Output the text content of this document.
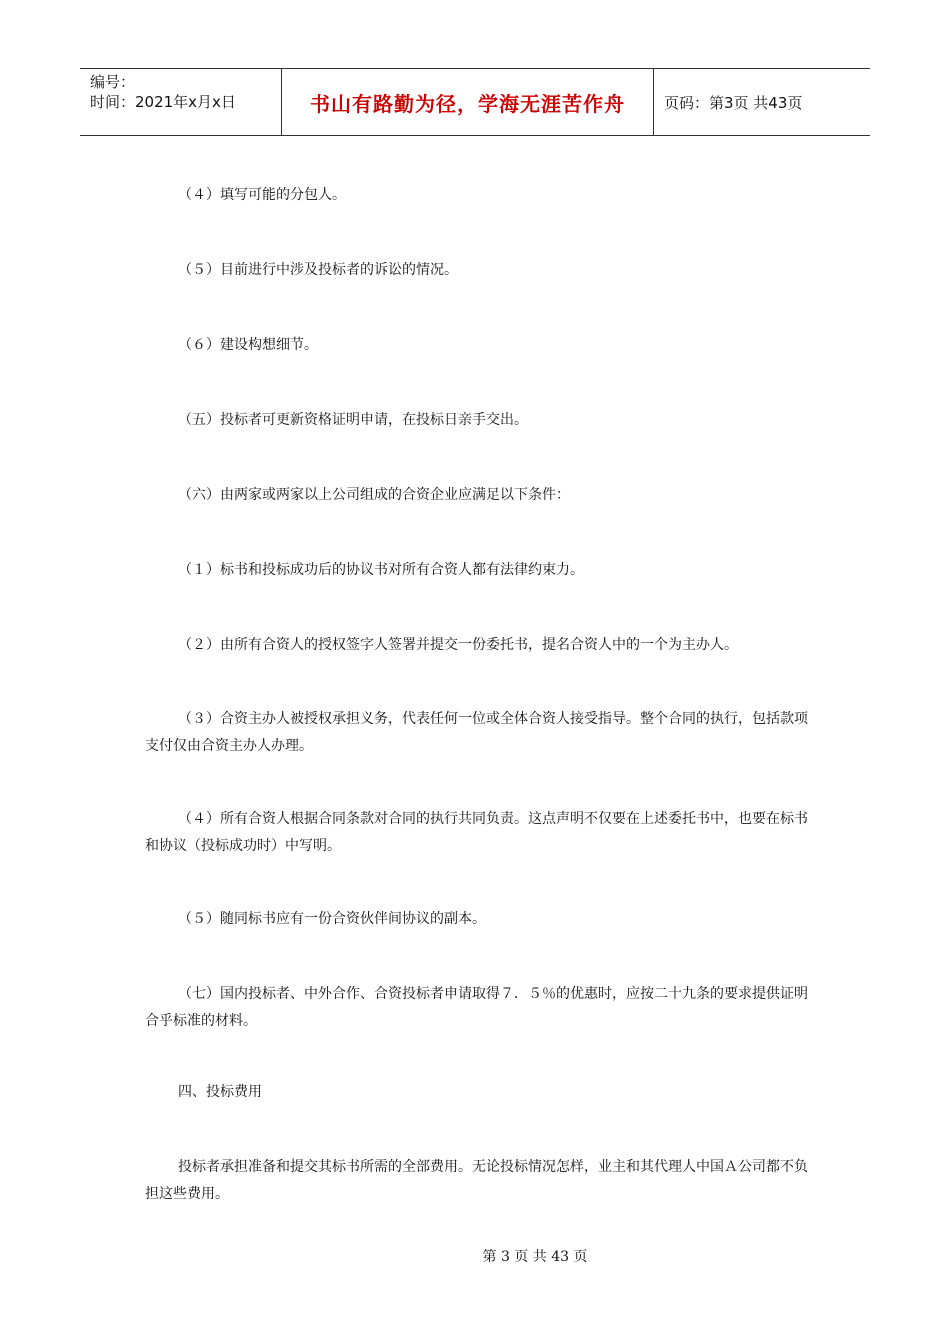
编号：
时间：2021年x月x日	书山有路勤为径，学海无涯苦作舟	页码：第3页 共43页

（４）填写可能的分包人。

（５）目前进行中涉及投标者的诉讼的情况。

（６）建设构想细节。

（五）投标者可更新资格证明申请，在投标日亲手交出。

（六）由两家或两家以上公司组成的合资企业应满足以下条件：

（１）标书和投标成功后的协议书对所有合资人都有法律约束力。

（２）由所有合资人的授权签字人签署并提交一份委托书，提名合资人中的一个为主办人。

（３）合资主办人被授权承担义务，代表任何一位或全体合资人接受指导。整个合同的执行，包括款项支付仅由合资主办人办理。

（４）所有合资人根据合同条款对合同的执行共同负责。这点声明不仅要在上述委托书中，也要在标书和协议（投标成功时）中写明。

（５）随同标书应有一份合资伙伴间协议的副本。

（七）国内投标者、中外合作、合资投标者申请取得７．５％的优惠时，应按二十九条的要求提供证明合乎标准的材料。

四、投标费用

投标者承担准备和提交其标书所需的全部费用。无论投标情况怎样，业主和其代理人中国Ａ公司都不负担这些费用。

第 3 页 共 43 页
